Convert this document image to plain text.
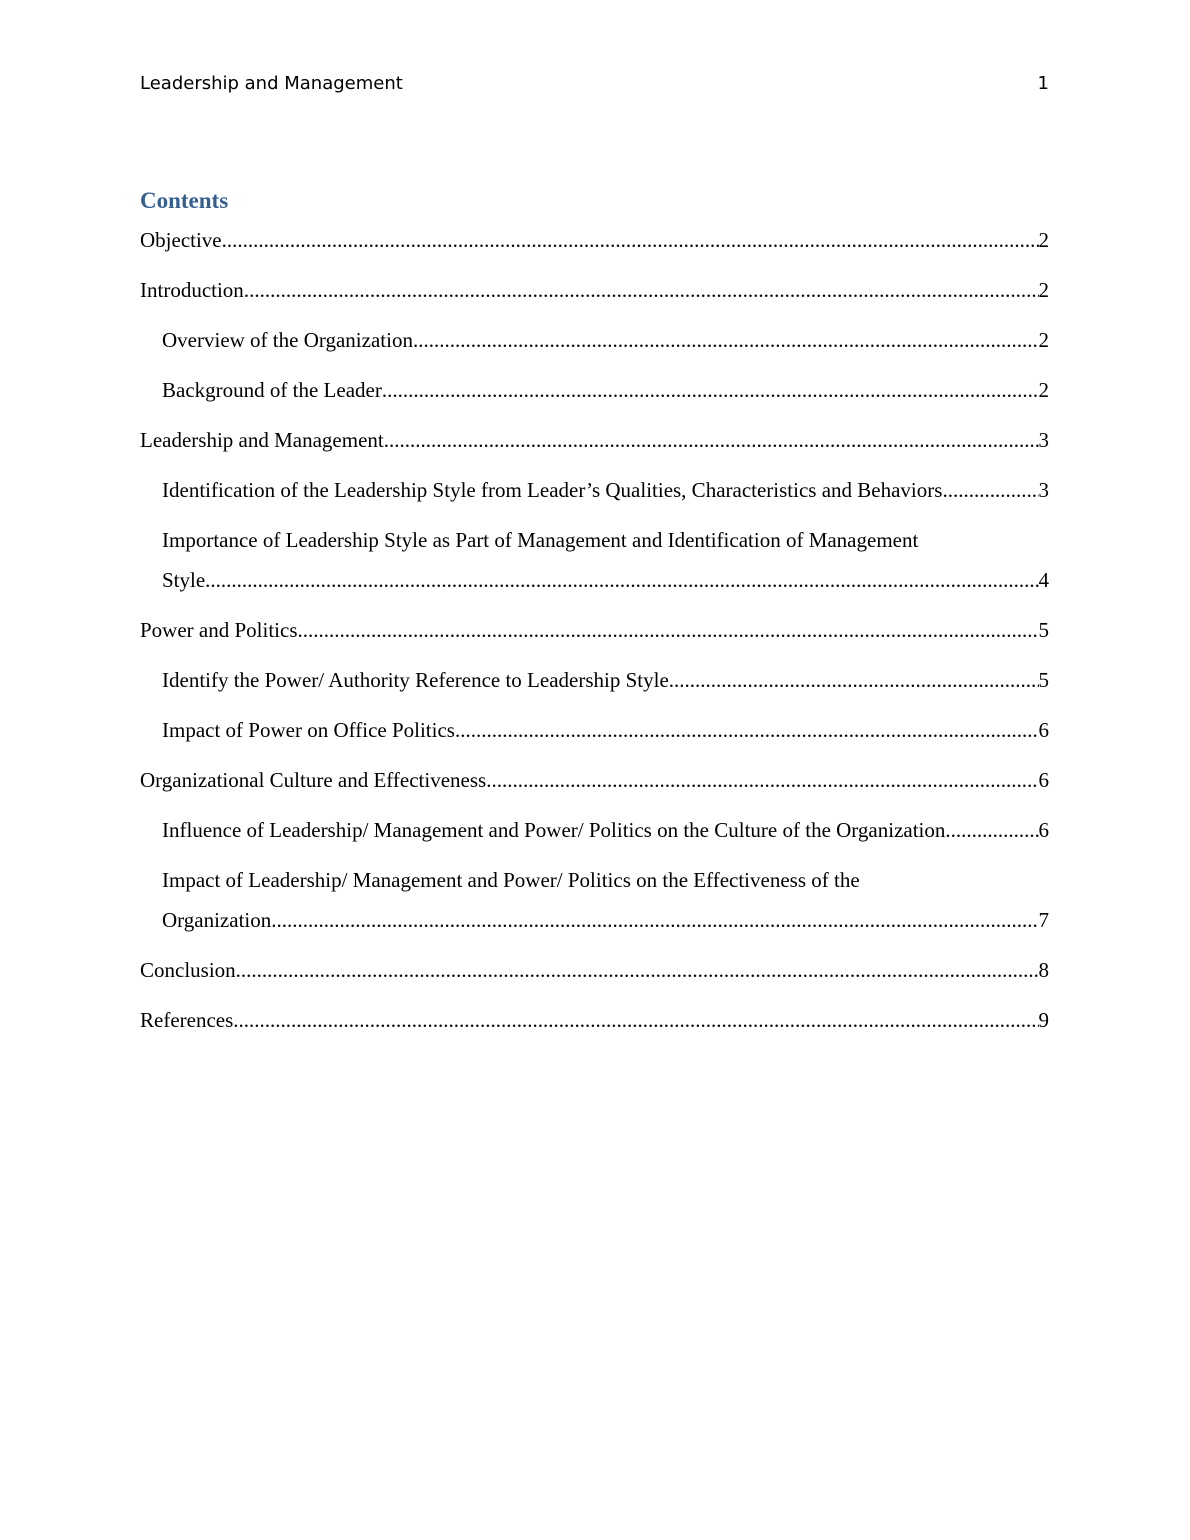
Leadership and Management	1
Contents
Objective .....	2
Introduction .....	2
Overview of the Organization .....	2
Background of the Leader .....	2
Leadership and Management .....	3
Identification of the Leadership Style from Leader’s Qualities, Characteristics and Behaviors .....	3
Importance of Leadership Style as Part of Management and Identification of Management
Style .....	4
Power and Politics .....	5
Identify the Power/ Authority Reference to Leadership Style .....	5
Impact of Power on Office Politics .....	6
Organizational Culture and Effectiveness .....	6
Influence of Leadership/ Management and Power/ Politics on the Culture of the Organization .....	6
Impact of Leadership/ Management and Power/ Politics on the Effectiveness of the
Organization .....	7
Conclusion .....	8
References .....	9
